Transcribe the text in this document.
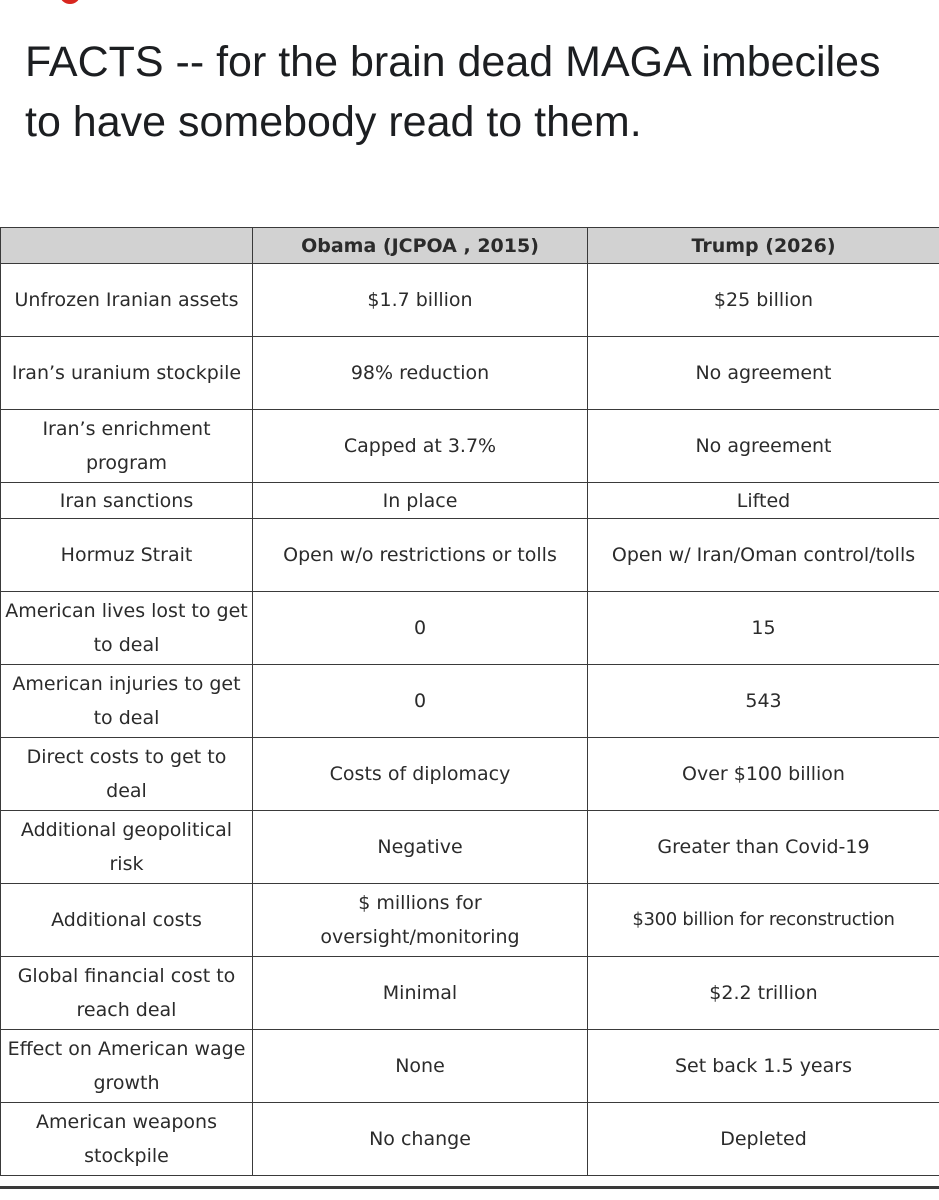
FACTS -- for the brain dead MAGA imbeciles to have somebody read to them.

	Obama (JCPOA , 2015)	Trump (2026)
Unfrozen Iranian assets	$1.7 billion	$25 billion
Iran’s uranium stockpile	98% reduction	No agreement
Iran’s enrichment program	Capped at 3.7%	No agreement
Iran sanctions	In place	Lifted
Hormuz Strait	Open w/o restrictions or tolls	Open w/ Iran/Oman control/tolls
American lives lost to get to deal	0	15
American injuries to get to deal	0	543
Direct costs to get to deal	Costs of diplomacy	Over $100 billion
Additional geopolitical risk	Negative	Greater than Covid-19
Additional costs	$ millions for oversight/monitoring	$300 billion for reconstruction
Global financial cost to reach deal	Minimal	$2.2 trillion
Effect on American wage growth	None	Set back 1.5 years
American weapons stockpile	No change	Depleted
